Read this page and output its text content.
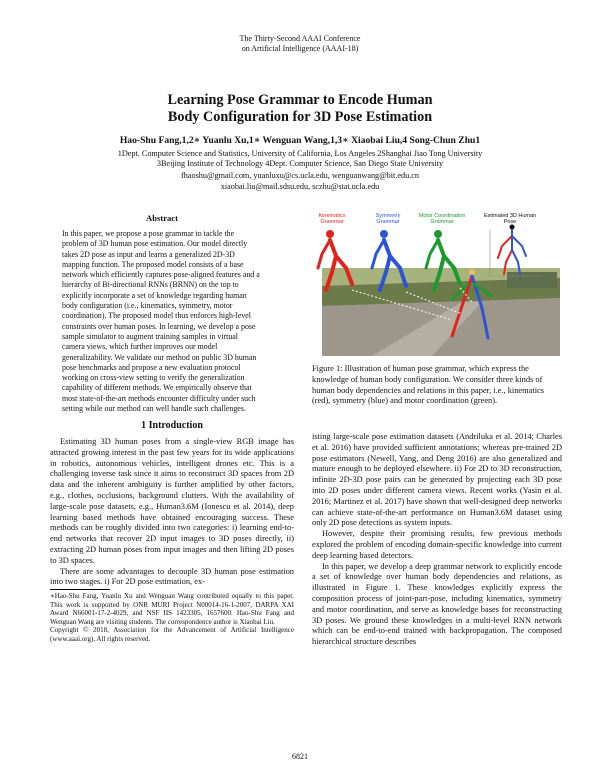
The Thirty-Second AAAI Conference
on Artificial Intelligence (AAAI-18)
Learning Pose Grammar to Encode Human
Body Configuration for 3D Pose Estimation
Hao-Shu Fang,1,2∗ Yuanlu Xu,1∗ Wenguan Wang,1,3∗ Xiaobai Liu,4 Song-Chun Zhu1
1Dept. Computer Science and Statistics, University of California, Los Angeles 2Shanghai Jiao Tong University
3Beijing Institute of Technology 4Dept. Computer Science, San Diego State University
fhaoshu@gmail.com, yuanluxu@cs.ucla.edu, wenguanwang@bit.edu.cn
xiaobai.liu@mail.sdsu.edu, sczhu@stat.ucla.edu
Abstract
In this paper, we propose a pose grammar to tackle the problem of 3D human pose estimation. Our model directly takes 2D pose as input and learns a generalized 2D-3D mapping function. The proposed model consists of a base network which efficiently captures pose-aligned features and a hierarchy of Bi-directional RNNs (BRNN) on the top to explicitly incorporate a set of knowledge regarding human body configuration (i.e., kinematics, symmetry, motor coordination). The proposed model thus enforces high-level constraints over human poses. In learning, we develop a pose sample simulator to augment training samples in virtual camera views, which further improves our model generalizability. We validate our method on public 3D human pose benchmarks and propose a new evaluation protocol working on cross-view setting to verify the generalization capability of different methods. We empirically observe that most state-of-the-art methods encounter difficulty under such setting while our method can well handle such challenges.
1 Introduction

Estimating 3D human poses from a single-view RGB image has attracted growing interest in the past few years for its wide applications in robotics, autonomous vehicles, intelligent drones etc. This is a challenging inverse task since it aims to reconstruct 3D spaces from 2D data and the inherent ambiguity is further amplified by other factors, e.g., clothes, occlusions, background clutters. With the availability of large-scale pose datasets, e.g., Human3.6M (Ionescu et al. 2014), deep learning based methods have obtained encouraging success. These methods can be roughly divided into two categories: i) learning end-to-end networks that recover 2D input images to 3D poses directly, ii) extracting 2D human poses from input images and then lifting 2D poses to 3D spaces.

There are some advantages to decouple 3D human pose estimation into two stages. i) For 2D pose estimation, ex-

∗Hao-Shu Fang, Yuanlu Xu and Wenguan Wang contributed equally to this paper. This work is supported by ONR MURI Project N00014-16-1-2007, DARPA XAI Award N66001-17-2-4029, and NSF IIS 1423305, 1657600. Hao-Shu Fang and Wenguan Wang are visiting students. The correspondence author is Xiaobai Liu.

Copyright © 2018, Association for the Advancement of Artificial Intelligence (www.aaai.org). All rights reserved.

Kinematics
Grammar
Symmetry
Grammar
Motor Coordination
Grammar
Estimated 3D Human
Pose
Figure 1: Illustration of human pose grammar, which express the knowledge of human body configuration. We consider three kinds of human body dependencies and relations in this paper, i.e., kinematics (red), symmetry (blue) and motor coordination (green).

isting large-scale pose estimation datasets (Andriluka et al. 2014; Charles et al. 2016) have provided sufficient annotations; whereas pre-trained 2D pose estimators (Newell, Yang, and Deng 2016) are also generalized and mature enough to be deployed elsewhere. ii) For 2D to 3D reconstruction, infinite 2D-3D pose pairs can be generated by projecting each 3D pose into 2D poses under different camera views. Recent works (Yasin et al. 2016; Martinez et al. 2017) have shown that well-designed deep networks can achieve state-of-the-art performance on Human3.6M dataset using only 2D pose detections as system inputs.

However, despite their promising results, few previous methods explored the problem of encoding domain-specific knowledge into current deep learning based detectors.

In this paper, we develop a deep grammar network to explicitly encode a set of knowledge over human body dependencies and relations, as illustrated in Figure 1. These knowledges explicitly express the composition process of joint-part-pose, including kinematics, symmetry and motor coordination, and serve as knowledge bases for reconstructing 3D poses. We ground these knowledges in a multi-level RNN network which can be end-to-end trained with backpropagation. The composed hierarchical structure describes

6821
